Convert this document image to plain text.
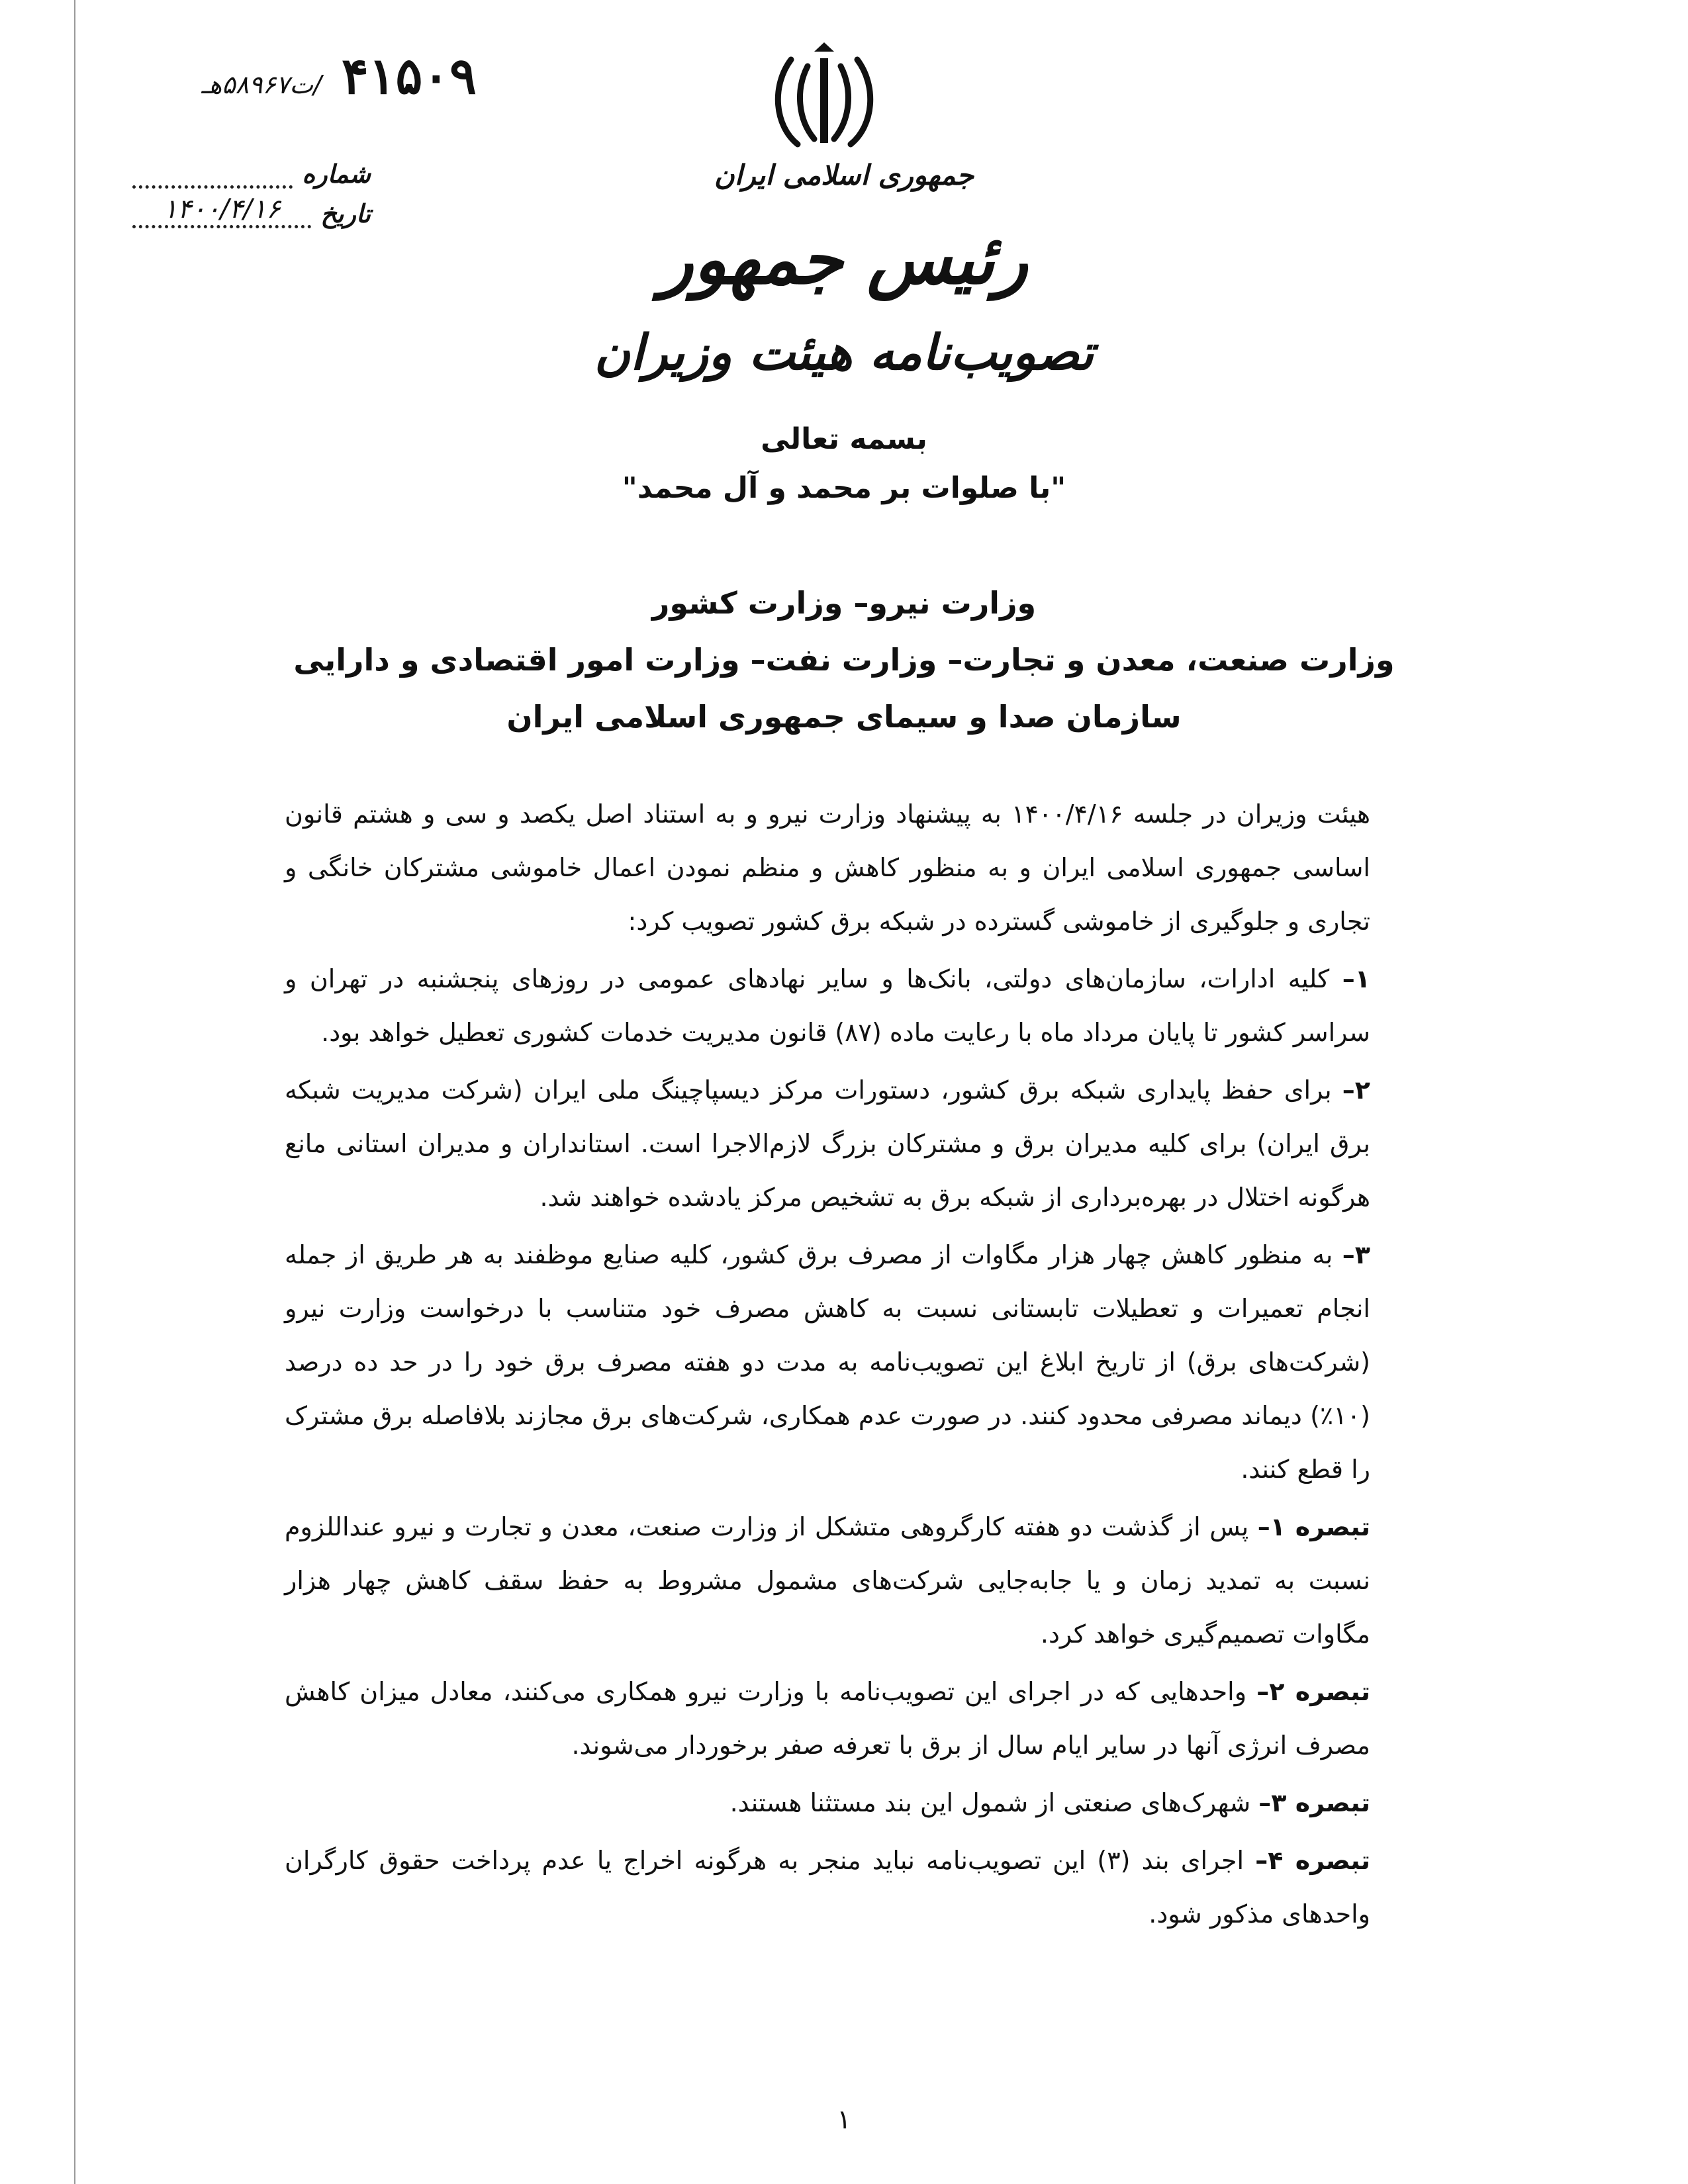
۴۱۵۰۹
/ت۵۸۹۶۷هـ
شماره
تاریخ
۱۴۰۰/۴/۱۶
جمهوری اسلامی ایران
رئیس جمهور
تصویب‌نامه هیئت وزیران
بسمه تعالی
"با صلوات بر محمد و آل محمد"
وزارت نیرو– وزارت کشور
وزارت صنعت، معدن و تجارت– وزارت نفت– وزارت امور اقتصادی و دارایی
سازمان صدا و سیمای جمهوری اسلامی ایران

هیئت وزیران در جلسه ۱۴۰۰/۴/۱۶ به پیشنهاد وزارت نیرو و به استناد اصل یکصد و سی و هشتم قانون اساسی جمهوری اسلامی ایران و به منظور کاهش و منظم نمودن اعمال خاموشی مشترکان خانگی و تجاری و جلوگیری از خاموشی گسترده در شبکه برق کشور تصویب کرد:

۱– کلیه ادارات، سازمان‌های دولتی، بانک‌ها و سایر نهادهای عمومی در روزهای پنجشنبه در تهران و سراسر کشور تا پایان مرداد ماه با رعایت ماده (۸۷) قانون مدیریت خدمات کشوری تعطیل خواهد بود.

۲– برای حفظ پایداری شبکه برق کشور، دستورات مرکز دیسپاچینگ ملی ایران (شرکت مدیریت شبکه برق ایران) برای کلیه مدیران برق و مشترکان بزرگ لازم‌الاجرا است. استانداران و مدیران استانی مانع هرگونه اختلال در بهره‌برداری از شبکه برق به تشخیص مرکز یادشده خواهند شد.

۳– به منظور کاهش چهار هزار مگاوات از مصرف برق کشور، کلیه صنایع موظفند به هر طریق از جمله انجام تعمیرات و تعطیلات تابستانی نسبت به کاهش مصرف خود متناسب با درخواست وزارت نیرو (شرکت‌های برق) از تاریخ ابلاغ این تصویب‌نامه به مدت دو هفته مصرف برق خود را در حد ده درصد (۱۰٪) دیماند مصرفی محدود کنند. در صورت عدم همکاری، شرکت‌های برق مجازند بلافاصله برق مشترک را قطع کنند.

تبصره ۱– پس از گذشت دو هفته کارگروهی متشکل از وزارت صنعت، معدن و تجارت و نیرو عنداللزوم نسبت به تمدید زمان و یا جابه‌جایی شرکت‌های مشمول مشروط به حفظ سقف کاهش چهار هزار مگاوات تصمیم‌گیری خواهد کرد.

تبصره ۲– واحدهایی که در اجرای این تصویب‌نامه با وزارت نیرو همکاری می‌کنند، معادل میزان کاهش مصرف انرژی آنها در سایر ایام سال از برق با تعرفه صفر برخوردار می‌شوند.

تبصره ۳– شهرک‌های صنعتی از شمول این بند مستثنا هستند.

تبصره ۴– اجرای بند (۳) این تصویب‌نامه نباید منجر به هرگونه اخراج یا عدم پرداخت حقوق کارگران واحدهای مذکور شود.

۱
